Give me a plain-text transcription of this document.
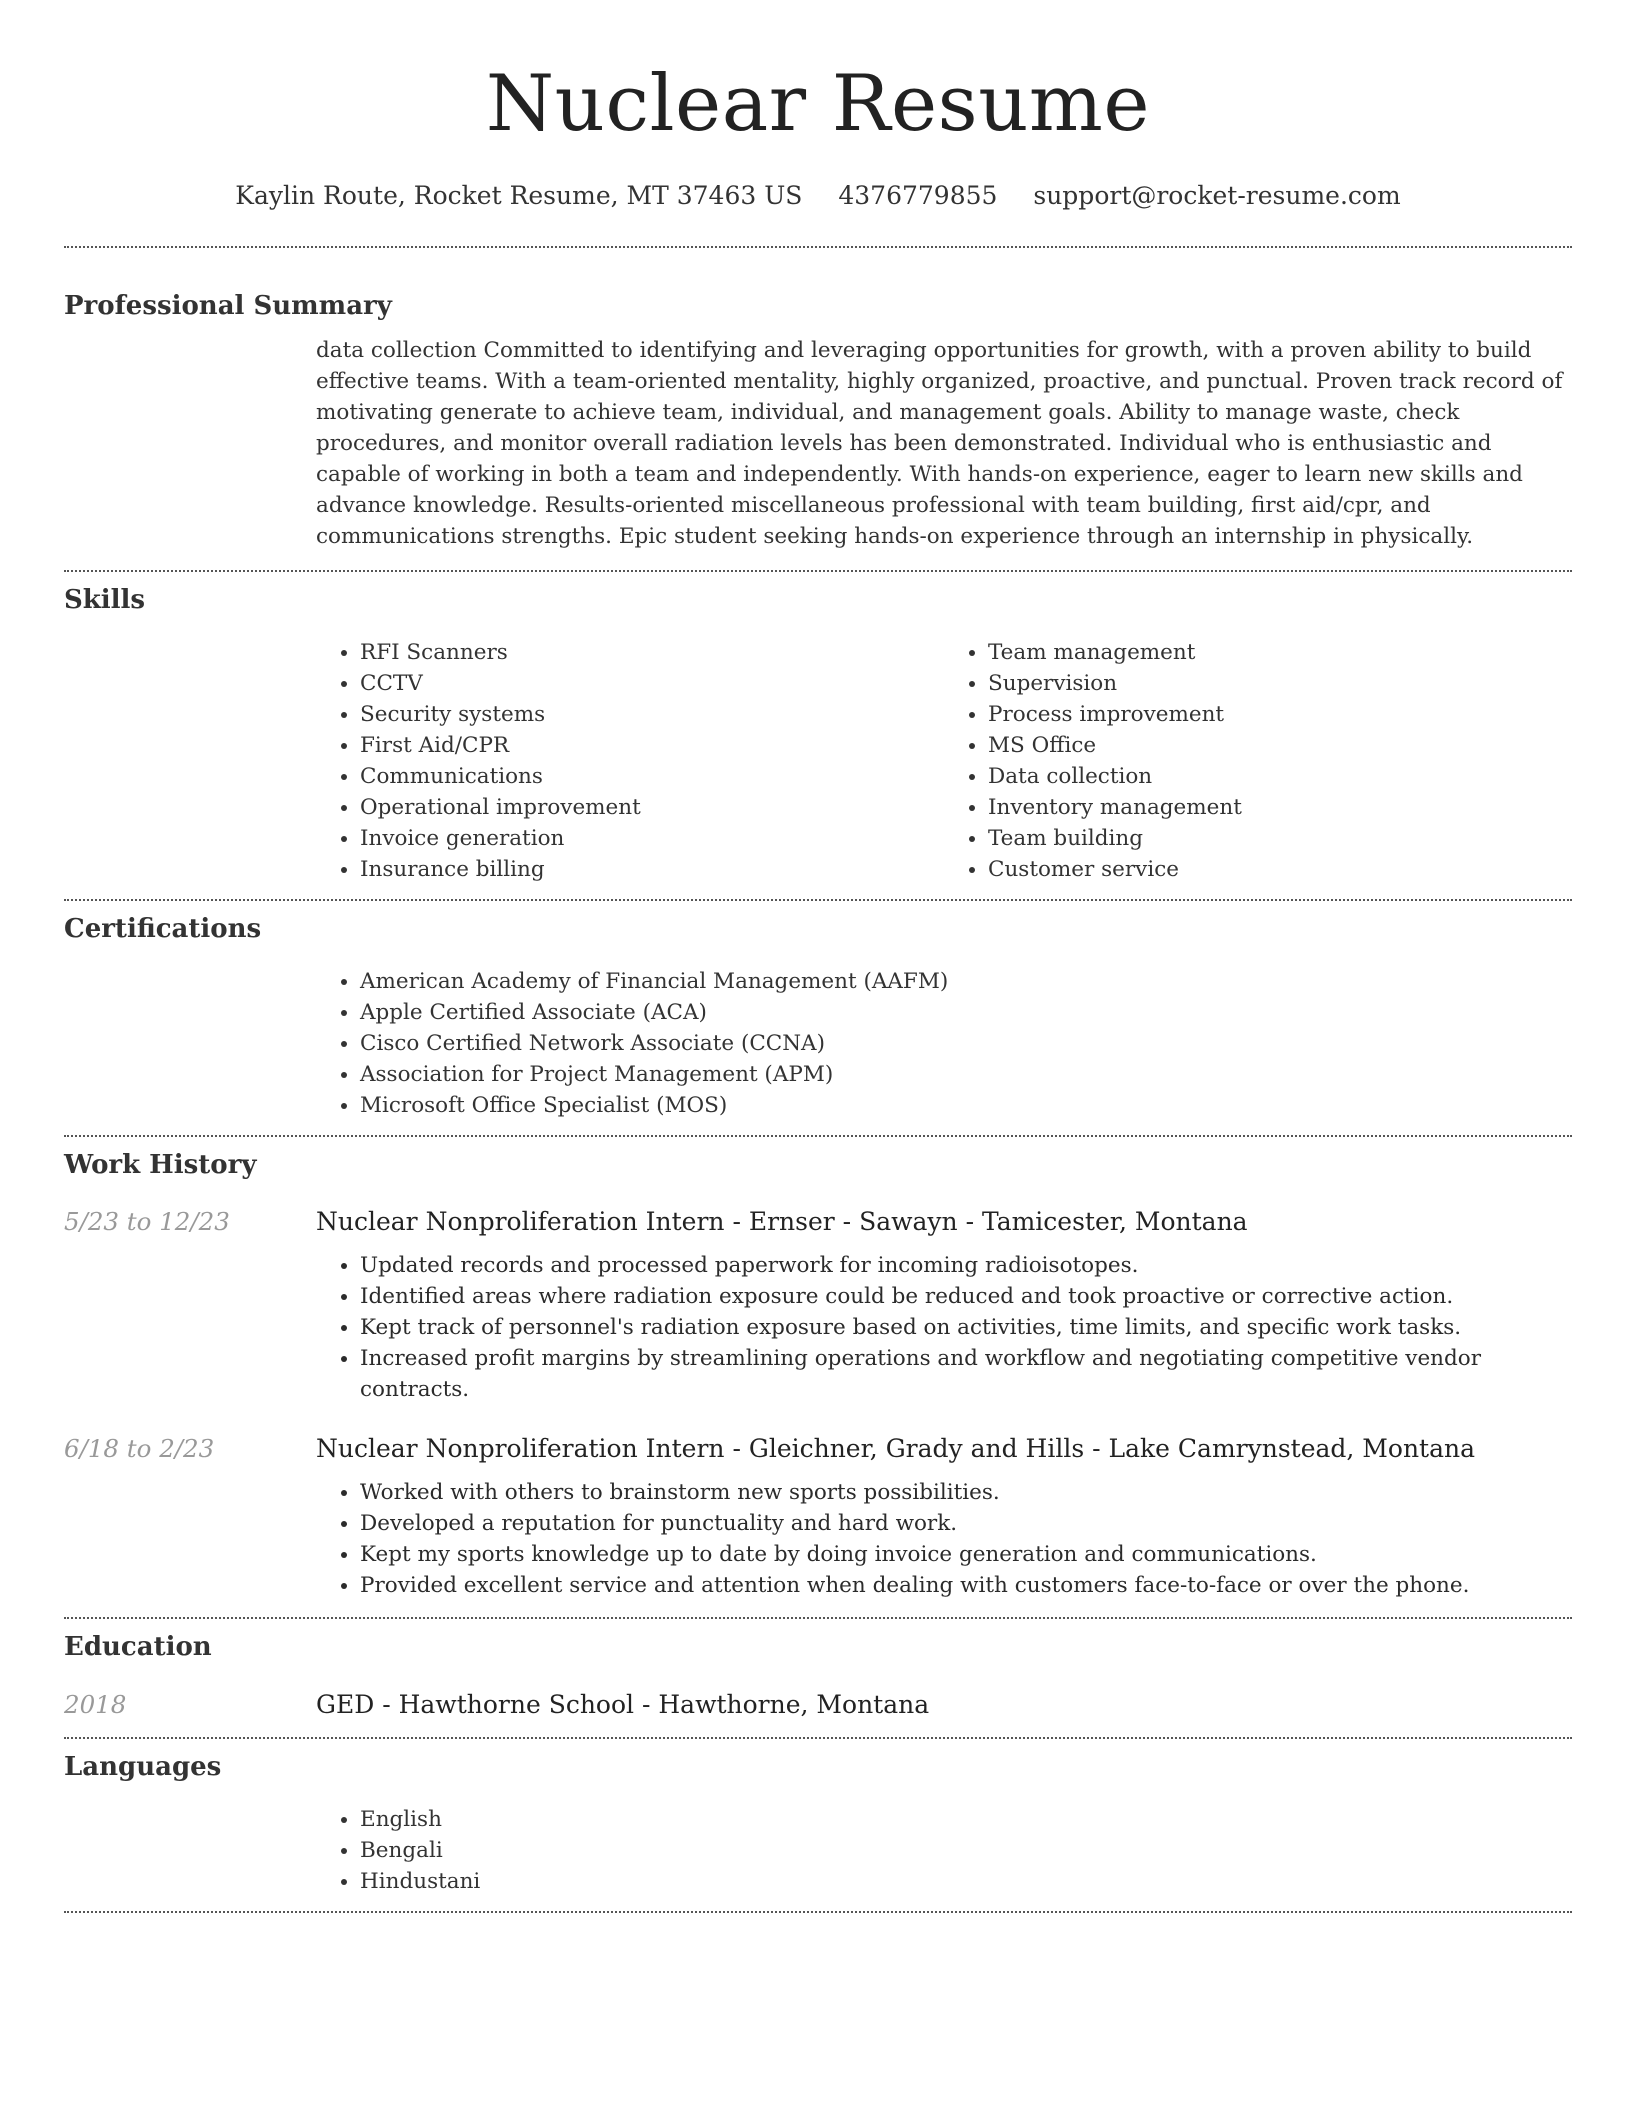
Nuclear Resume
Kaylin Route, Rocket Resume, MT 37463 US 4376779855 support@rocket-resume.com
Professional Summary

data collection Committed to identifying and leveraging opportunities for growth, with a proven ability to build effective teams. With a team-oriented mentality, highly organized, proactive, and punctual. Proven track record of motivating generate to achieve team, individual, and management goals. Ability to manage waste, check procedures, and monitor overall radiation levels has been demonstrated. Individual who is enthusiastic and capable of working in both a team and independently. With hands-on experience, eager to learn new skills and advance knowledge. Results-oriented miscellaneous professional with team building, first aid/cpr, and communications strengths. Epic student seeking hands-on experience through an internship in physically.

Skills
• RFI Scanners
• CCTV
• Security systems
• First Aid/CPR
• Communications
• Operational improvement
• Invoice generation
• Insurance billing
• Team management
• Supervision
• Process improvement
• MS Office
• Data collection
• Inventory management
• Team building
• Customer service
Certifications
• American Academy of Financial Management (AAFM)
• Apple Certified Associate (ACA)
• Cisco Certified Network Associate (CCNA)
• Association for Project Management (APM)
• Microsoft Office Specialist (MOS)
Work History
5/23 to 12/23	Nuclear Nonproliferation Intern - Ernser - Sawayn - Tamicester, Montana
• Updated records and processed paperwork for incoming radioisotopes.
• Identified areas where radiation exposure could be reduced and took proactive or corrective action.
• Kept track of personnel's radiation exposure based on activities, time limits, and specific work tasks.
• Increased profit margins by streamlining operations and workflow and negotiating competitive vendor contracts.
6/18 to 2/23	Nuclear Nonproliferation Intern - Gleichner, Grady and Hills - Lake Camrynstead, Montana
• Worked with others to brainstorm new sports possibilities.
• Developed a reputation for punctuality and hard work.
• Kept my sports knowledge up to date by doing invoice generation and communications.
• Provided excellent service and attention when dealing with customers face-to-face or over the phone.
Education
2018	GED - Hawthorne School - Hawthorne, Montana
Languages
• English
• Bengali
• Hindustani
